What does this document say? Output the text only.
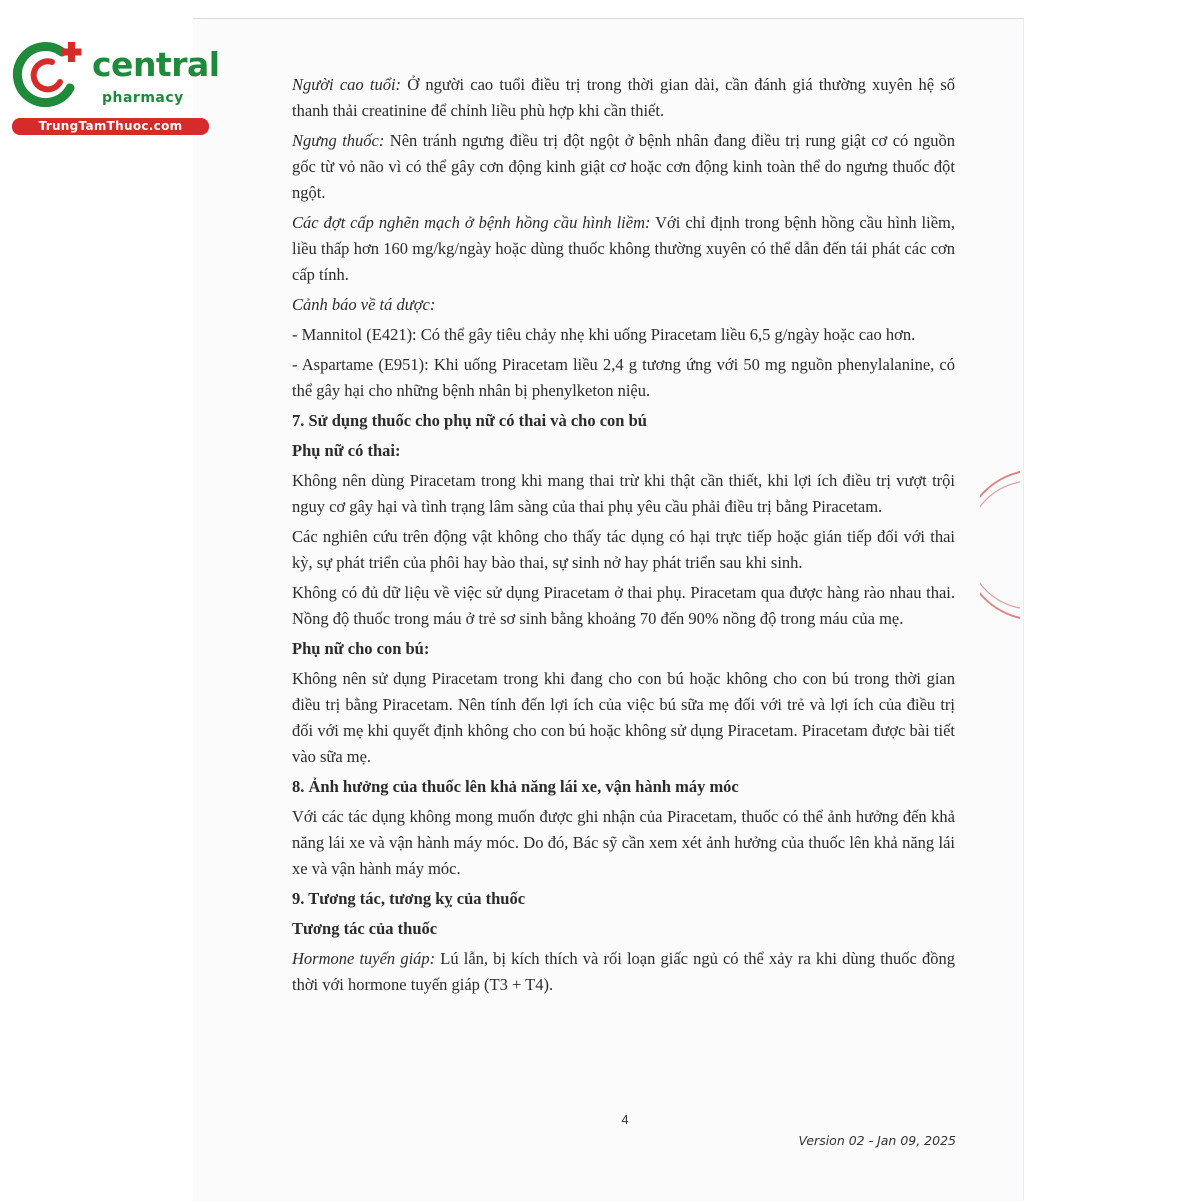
central
pharmacy
TrungTamThuoc.com

Người cao tuổi: Ở người cao tuổi điều trị trong thời gian dài, cần đánh giá thường xuyên hệ số thanh thải creatinine để chỉnh liều phù hợp khi cần thiết.

Ngưng thuốc: Nên tránh ngưng điều trị đột ngột ở bệnh nhân đang điều trị rung giật cơ có nguồn gốc từ vỏ não vì có thể gây cơn động kinh giật cơ hoặc cơn động kinh toàn thể do ngưng thuốc đột ngột.

Các đợt cấp nghẽn mạch ở bệnh hồng cầu hình liềm: Với chỉ định trong bệnh hồng cầu hình liềm, liều thấp hơn 160 mg/kg/ngày hoặc dùng thuốc không thường xuyên có thể dẫn đến tái phát các cơn cấp tính.

Cảnh báo về tá dược:

- Mannitol (E421): Có thể gây tiêu chảy nhẹ khi uống Piracetam liều 6,5 g/ngày hoặc cao hơn.

- Aspartame (E951): Khi uống Piracetam liều 2,4 g tương ứng với 50 mg nguồn phenylalanine, có thể gây hại cho những bệnh nhân bị phenylketon niệu.

7. Sử dụng thuốc cho phụ nữ có thai và cho con bú
Phụ nữ có thai:

Không nên dùng Piracetam trong khi mang thai trừ khi thật cần thiết, khi lợi ích điều trị vượt trội nguy cơ gây hại và tình trạng lâm sàng của thai phụ yêu cầu phải điều trị bằng Piracetam.

Các nghiên cứu trên động vật không cho thấy tác dụng có hại trực tiếp hoặc gián tiếp đối với thai kỳ, sự phát triển của phôi hay bào thai, sự sinh nở hay phát triển sau khi sinh.

Không có đủ dữ liệu về việc sử dụng Piracetam ở thai phụ. Piracetam qua được hàng rào nhau thai. Nồng độ thuốc trong máu ở trẻ sơ sinh bằng khoảng 70 đến 90% nồng độ trong máu của mẹ.

Phụ nữ cho con bú:

Không nên sử dụng Piracetam trong khi đang cho con bú hoặc không cho con bú trong thời gian điều trị bằng Piracetam. Nên tính đến lợi ích của việc bú sữa mẹ đối với trẻ và lợi ích của điều trị đối với mẹ khi quyết định không cho con bú hoặc không sử dụng Piracetam. Piracetam được bài tiết vào sữa mẹ.

8. Ảnh hưởng của thuốc lên khả năng lái xe, vận hành máy móc

Với các tác dụng không mong muốn được ghi nhận của Piracetam, thuốc có thể ảnh hưởng đến khả năng lái xe và vận hành máy móc. Do đó, Bác sỹ cần xem xét ảnh hưởng của thuốc lên khả năng lái xe và vận hành máy móc.

9. Tương tác, tương kỵ của thuốc
Tương tác của thuốc

Hormone tuyến giáp: Lú lẫn, bị kích thích và rối loạn giấc ngủ có thể xảy ra khi dùng thuốc đồng thời với hormone tuyến giáp (T3 + T4).

4
Version 02 - Jan 09, 2025
